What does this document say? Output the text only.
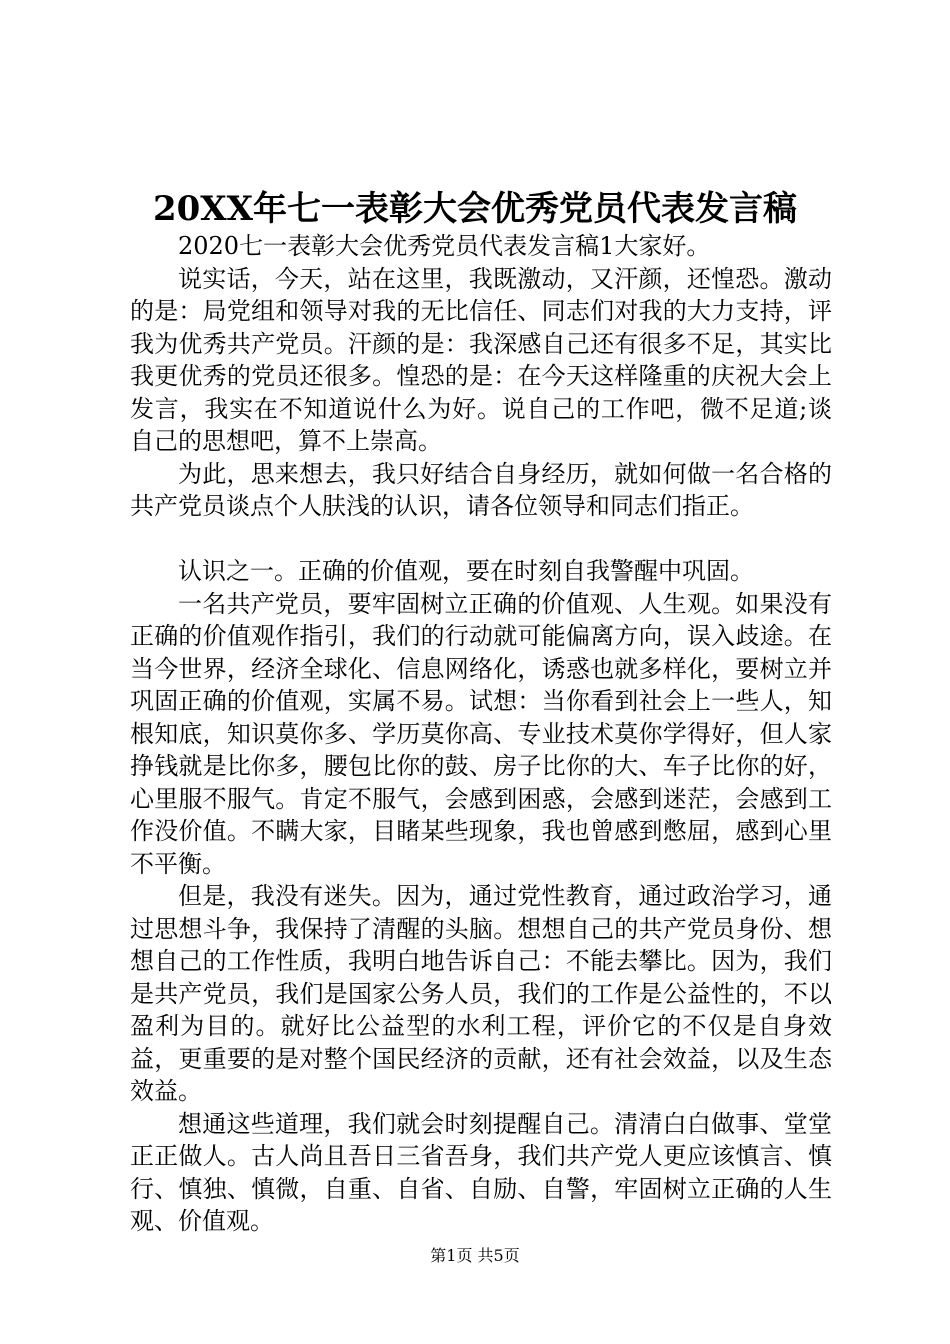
20XX年七一表彰大会优秀党员代表发言稿

2020七一表彰大会优秀党员代表发言稿1大家好。

说实话，今天，站在这里，我既激动，又汗颜，还惶恐。激动的是：局党组和领导对我的无比信任、同志们对我的大力支持，评我为优秀共产党员。汗颜的是：我深感自己还有很多不足，其实比我更优秀的党员还很多。惶恐的是：在今天这样隆重的庆祝大会上发言，我实在不知道说什么为好。说自己的工作吧，微不足道;谈自己的思想吧，算不上崇高。

为此，思来想去，我只好结合自身经历，就如何做一名合格的共产党员谈点个人肤浅的认识，请各位领导和同志们指正。

认识之一。正确的价值观，要在时刻自我警醒中巩固。

一名共产党员，要牢固树立正确的价值观、人生观。如果没有正确的价值观作指引，我们的行动就可能偏离方向，误入歧途。在当今世界，经济全球化、信息网络化，诱惑也就多样化，要树立并巩固正确的价值观，实属不易。试想：当你看到社会上一些人，知根知底，知识莫你多、学历莫你高、专业技术莫你学得好，但人家挣钱就是比你多，腰包比你的鼓、房子比你的大、车子比你的好，心里服不服气。肯定不服气，会感到困惑，会感到迷茫，会感到工作没价值。不瞒大家，目睹某些现象，我也曾感到憋屈，感到心里不平衡。

但是，我没有迷失。因为，通过党性教育，通过政治学习，通过思想斗争，我保持了清醒的头脑。想想自己的共产党员身份、想想自己的工作性质，我明白地告诉自己：不能去攀比。因为，我们是共产党员，我们是国家公务人员，我们的工作是公益性的，不以盈利为目的。就好比公益型的水利工程，评价它的不仅是自身效益，更重要的是对整个国民经济的贡献，还有社会效益，以及生态效益。

想通这些道理，我们就会时刻提醒自己。清清白白做事、堂堂正正做人。古人尚且吾日三省吾身，我们共产党人更应该慎言、慎行、慎独、慎微，自重、自省、自励、自警，牢固树立正确的人生观、价值观。

第1页 共5页
